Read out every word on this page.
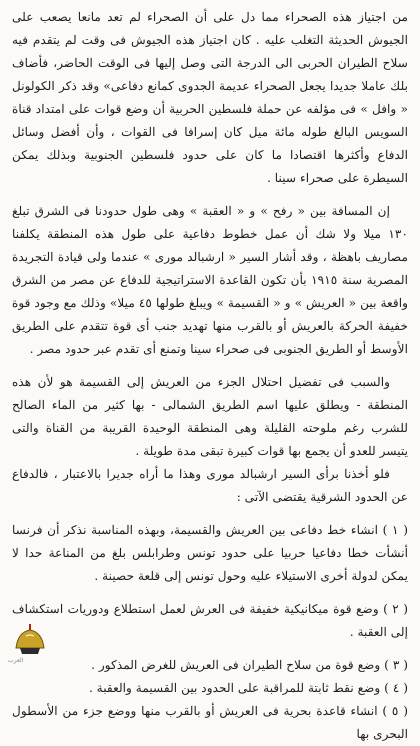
من اجتياز هذه الصحراء مما دل على أن الصحراء لم تعد مانعا يصعب على الجيوش الحديثة التغلب عليه . كان اجتياز هذه الجيوش فى وقت لم يتقدم فيه سلاح الطيران الحربى الى الدرجة التى وصل إليها فى الوقت الحاضر، فأضاف بلك عاملا جديدا يجعل الصحراء عديمة الجدوى كمانع دفاعى» وقد ذكر الكولونل « وافل » فى مؤلفه عن حملة فلسطين الحربية أن وضع قوات على امتداد قناة السويس البالغ طوله مائة ميل كان إسرافا فى القوات ، وأن أفضل وسائل الدفاع وأكثرها اقتصادا ما كان على حدود فلسطين الجنوبية وبذلك يمكن السيطرة على صحراء سينا .

إن المسافة بين « رفح » و « العقبة » وهى طول حدودنا فى الشرق تبلغ ١٣٠ ميلا ولا شك أن عمل خطوط دفاعية على طول هذه المنطقة يكلفنا مصاريف باهظة ، وقد أشار السير « ارشبالد مورى » عندما ولى قيادة التجريدة المصرية سنة ١٩١٥ بأن تكون القاعدة الاستراتيجية للدفاع عن مصر من الشرق واقعة بين « العريش » و « القسيمة » ويبلغ طولها ٤٥ ميلا» وذلك مع وجود قوة خفيفة الحركة بالعريش أو بالقرب منها تهديد جنب أى قوة تتقدم على الطريق الأوسط أو الطريق الجنوبى فى صحراء سينا وتمنع أى تقدم عبر حدود مصر .

والسبب فى تفضيل احتلال الجزء من العريش إلى القسيمة هو لأن هذه المنطقة - ويطلق عليها اسم الطريق الشمالى - بها كثير من الماء الصالح للشرب رغم ملوحته القليلة وهى المنطقة الوحيدة القريبة من القناة والتى يتيسر للعدو أن يجمع بها قوات كبيرة تبقى مدة طويلة .

فلو أخذنا برأى السير ارشبالد مورى وهذا ما أراه جديرا بالاعتبار ، فالدفاع عن الحدود الشرقية يقتضى الآتى :

( ١ ) انشاء خط دفاعى بين العريش والقسيمة، وبهذه المناسبة نذكر أن فرنسا أنشأت خطا دفاعيا حربيا على حدود تونس وطرابلس بلغ من المناعة حدا لا يمكن لدولة أخرى الاستيلاء عليه وحول تونس إلى قلعة حصينة .

( ٢ ) وضع قوة ميكانيكية خفيفة فى العرش لعمل استطلاع ودوريات استكشاف إلى العقبة .

( ٣ ) وضع قوة من سلاح الطيران فى العريش للغرض المذكور .

( ٤ ) وضع نقط ثابتة للمراقبة على الحدود بين القسيمة والعقبة .

( ٥ ) انشاء قاعدة بحرية فى العريش أو بالقرب منها ووضع جزء من الأسطول البحرى بها

العرب
